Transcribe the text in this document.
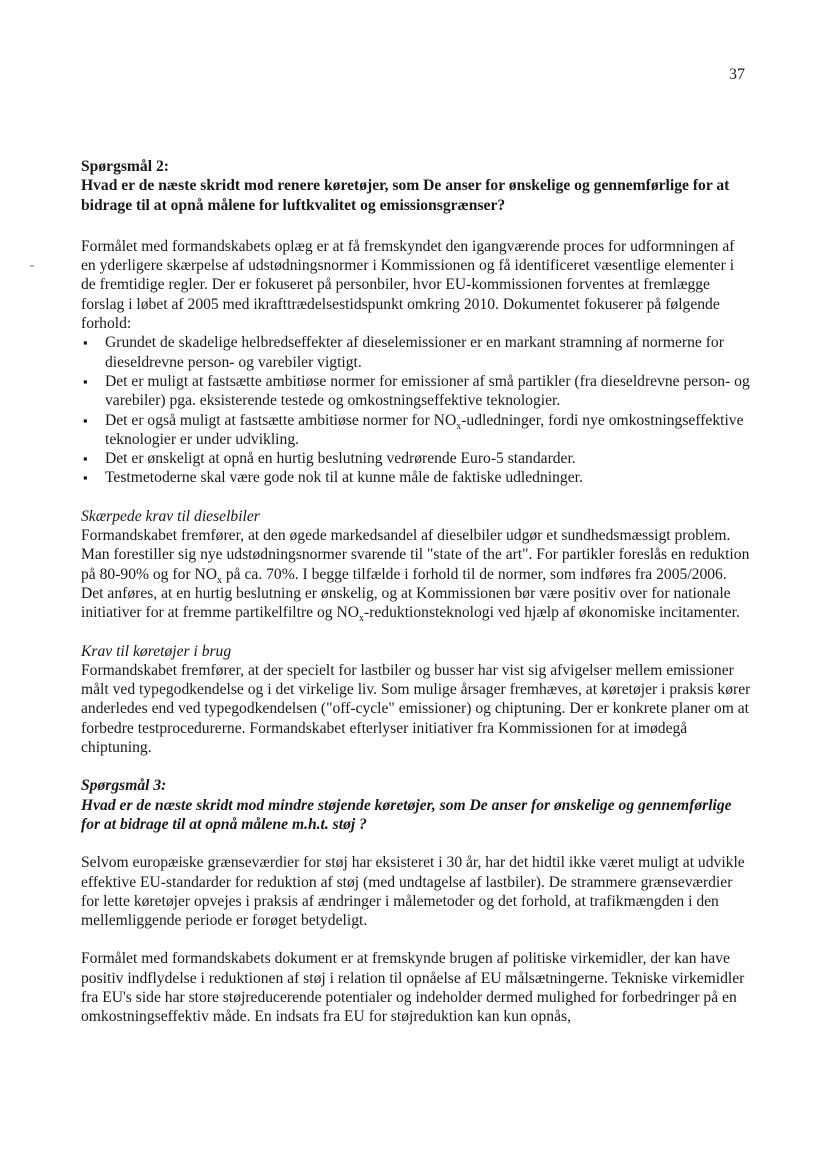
37

Spørgsmål 2:

Hvad er de næste skridt mod renere køretøjer, som De anser for ønskelige og gennemførlige for at bidrage til at opnå målene for luftkvalitet og emissionsgrænser?

Formålet med formandskabets oplæg er at få fremskyndet den igangværende proces for udformningen af en yderligere skærpelse af udstødningsnormer i Kommissionen og få identificeret væsentlige elementer i de fremtidige regler. Der er fokuseret på personbiler, hvor EU-kommissionen forventes at fremlægge forslag i løbet af 2005 med ikrafttrædelsestidspunkt omkring 2010. Dokumentet fokuserer på følgende forhold:

▪ Grundet de skadelige helbredseffekter af dieselemissioner er en markant stramning af normerne for dieseldrevne person- og varebiler vigtigt.
▪ Det er muligt at fastsætte ambitiøse normer for emissioner af små partikler (fra dieseldrevne person- og varebiler) pga. eksisterende testede og omkostningseffektive teknologier.
▪ Det er også muligt at fastsætte ambitiøse normer for $NO_x$-udledninger, fordi nye omkostningseffektive teknologier er under udvikling.
▪ Det er ønskeligt at opnå en hurtig beslutning vedrørende Euro-5 standarder.
▪ Testmetoderne skal være gode nok til at kunne måle de faktiske udledninger.

Skærpede krav til dieselbiler

Formandskabet fremfører, at den øgede markedsandel af dieselbiler udgør et sundhedsmæssigt problem. Man forestiller sig nye udstødningsnormer svarende til "state of the art". For partikler foreslås en reduktion på 80-90% og for $NO_x$ på ca. 70%. I begge tilfælde i forhold til de normer, som indføres fra 2005/2006. Det anføres, at en hurtig beslutning er ønskelig, og at Kommissionen bør være positiv over for nationale initiativer for at fremme partikelfiltre og $NO_x$-reduktionsteknologi ved hjælp af økonomiske incitamenter.

Krav til køretøjer i brug

Formandskabet fremfører, at der specielt for lastbiler og busser har vist sig afvigelser mellem emissioner målt ved typegodkendelse og i det virkelige liv. Som mulige årsager fremhæves, at køretøjer i praksis kører anderledes end ved typegodkendelsen ("off-cycle" emissioner) og chiptuning. Der er konkrete planer om at forbedre testprocedurerne. Formandskabet efterlyser initiativer fra Kommissionen for at imødegå chiptuning.

Spørgsmål 3:

Hvad er de næste skridt mod mindre støjende køretøjer, som De anser for ønskelige og gennemførlige for at bidrage til at opnå målene m.h.t. støj ?

Selvom europæiske grænseværdier for støj har eksisteret i 30 år, har det hidtil ikke været muligt at udvikle effektive EU-standarder for reduktion af støj (med undtagelse af lastbiler). De strammere grænseværdier for lette køretøjer opvejes i praksis af ændringer i målemetoder og det forhold, at trafikmængden i den mellemliggende periode er forøget betydeligt.

Formålet med formandskabets dokument er at fremskynde brugen af politiske virkemidler, der kan have positiv indflydelse i reduktionen af støj i relation til opnåelse af EU målsætningerne. Tekniske virkemidler fra EU's side har store støjreducerende potentialer og indeholder dermed mulighed for forbedringer på en omkostningseffektiv måde. En indsats fra EU for støjreduktion kan kun opnås,
